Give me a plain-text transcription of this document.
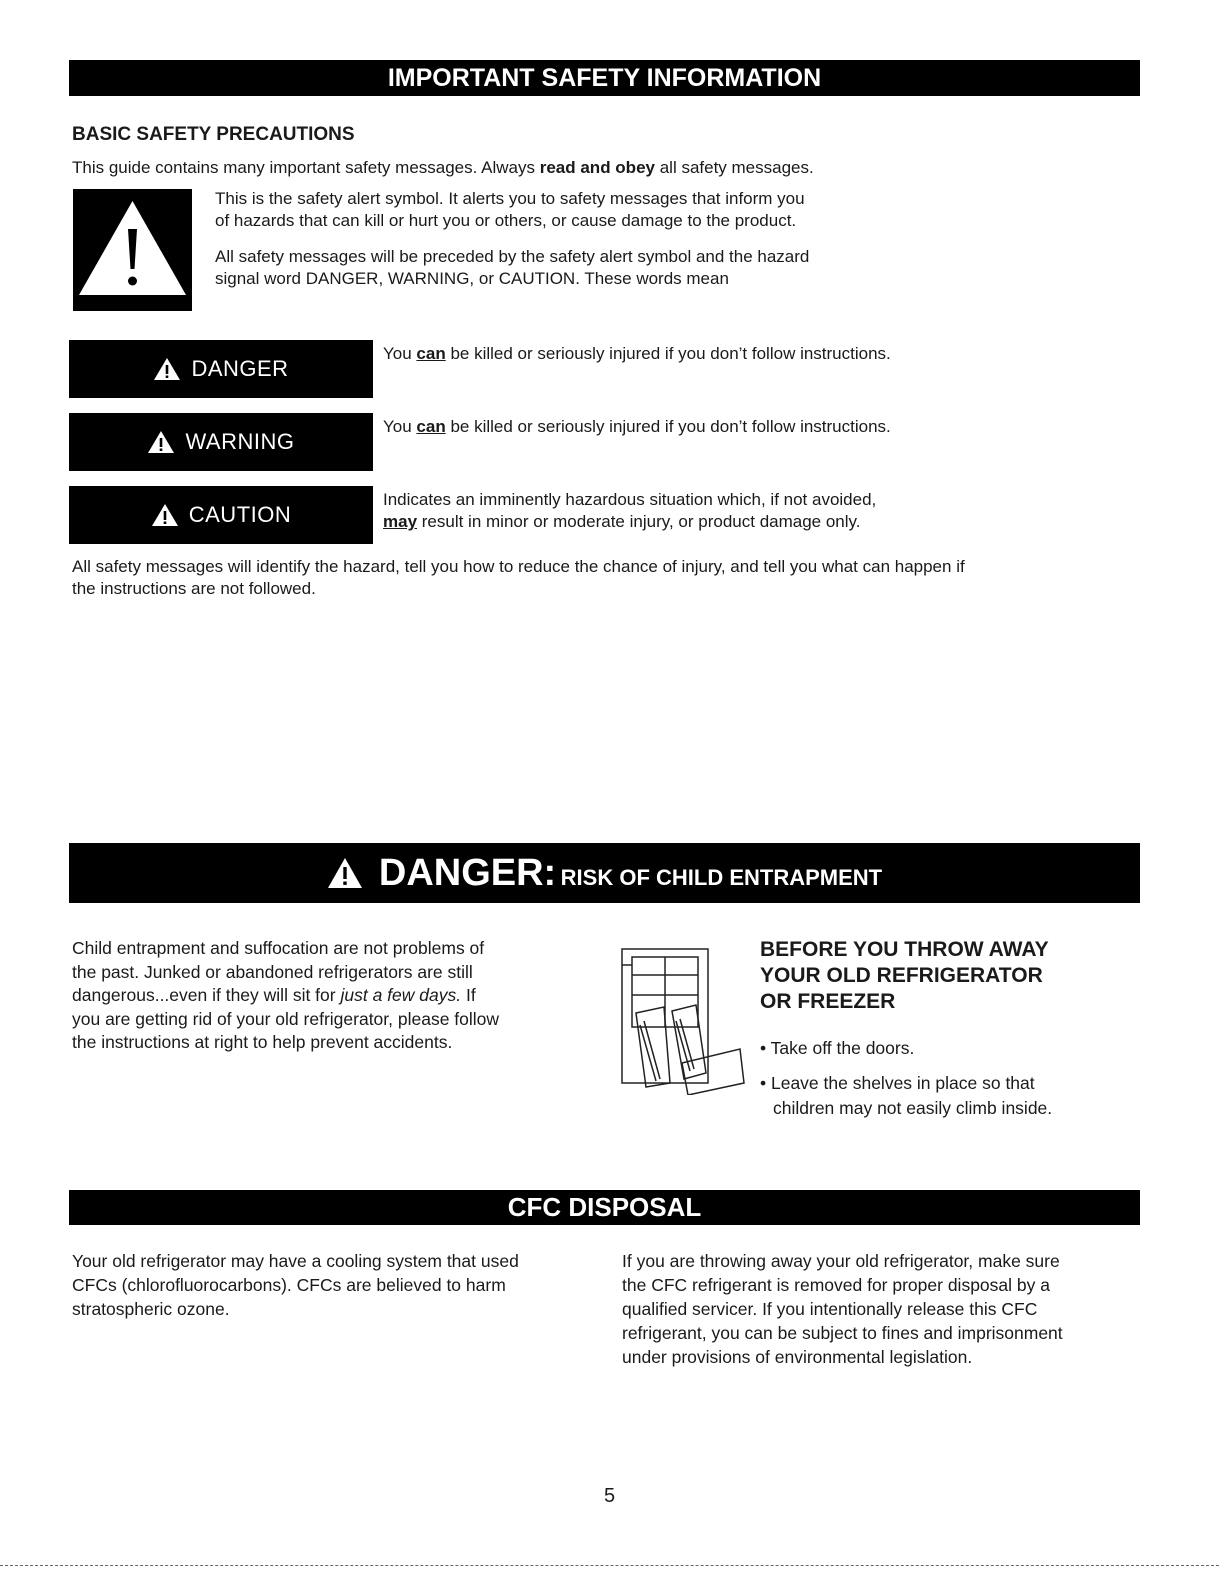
IMPORTANT SAFETY INFORMATION
BASIC SAFETY PRECAUTIONS
This guide contains many important safety messages. Always read and obey all safety messages.
This is the safety alert symbol. It alerts you to safety messages that inform you
of hazards that can kill or hurt you or others, or cause damage to the product.
All safety messages will be preceded by the safety alert symbol and the hazard
signal word DANGER, WARNING, or CAUTION. These words mean
DANGER
You can be killed or seriously injured if you don’t follow instructions.
WARNING
You can be killed or seriously injured if you don’t follow instructions.
CAUTION
Indicates an imminently hazardous situation which, if not avoided,
may result in minor or moderate injury, or product damage only.
All safety messages will identify the hazard, tell you how to reduce the chance of injury, and tell you what can happen if
the instructions are not followed.
DANGER: RISK OF CHILD ENTRAPMENT
Child entrapment and suffocation are not problems of
the past. Junked or abandoned refrigerators are still
dangerous...even if they will sit for just a few days. If
you are getting rid of your old refrigerator, please follow
the instructions at right to help prevent accidents.
BEFORE YOU THROW AWAY
YOUR OLD REFRIGERATOR
OR FREEZER
• Take off the doors.
• Leave the shelves in place so that
children may not easily climb inside.
CFC DISPOSAL
Your old refrigerator may have a cooling system that used
CFCs (chlorofluorocarbons). CFCs are believed to harm
stratospheric ozone.
If you are throwing away your old refrigerator, make sure
the CFC refrigerant is removed for proper disposal by a
qualified servicer. If you intentionally release this CFC
refrigerant, you can be subject to fines and imprisonment
under provisions of environmental legislation.
5
